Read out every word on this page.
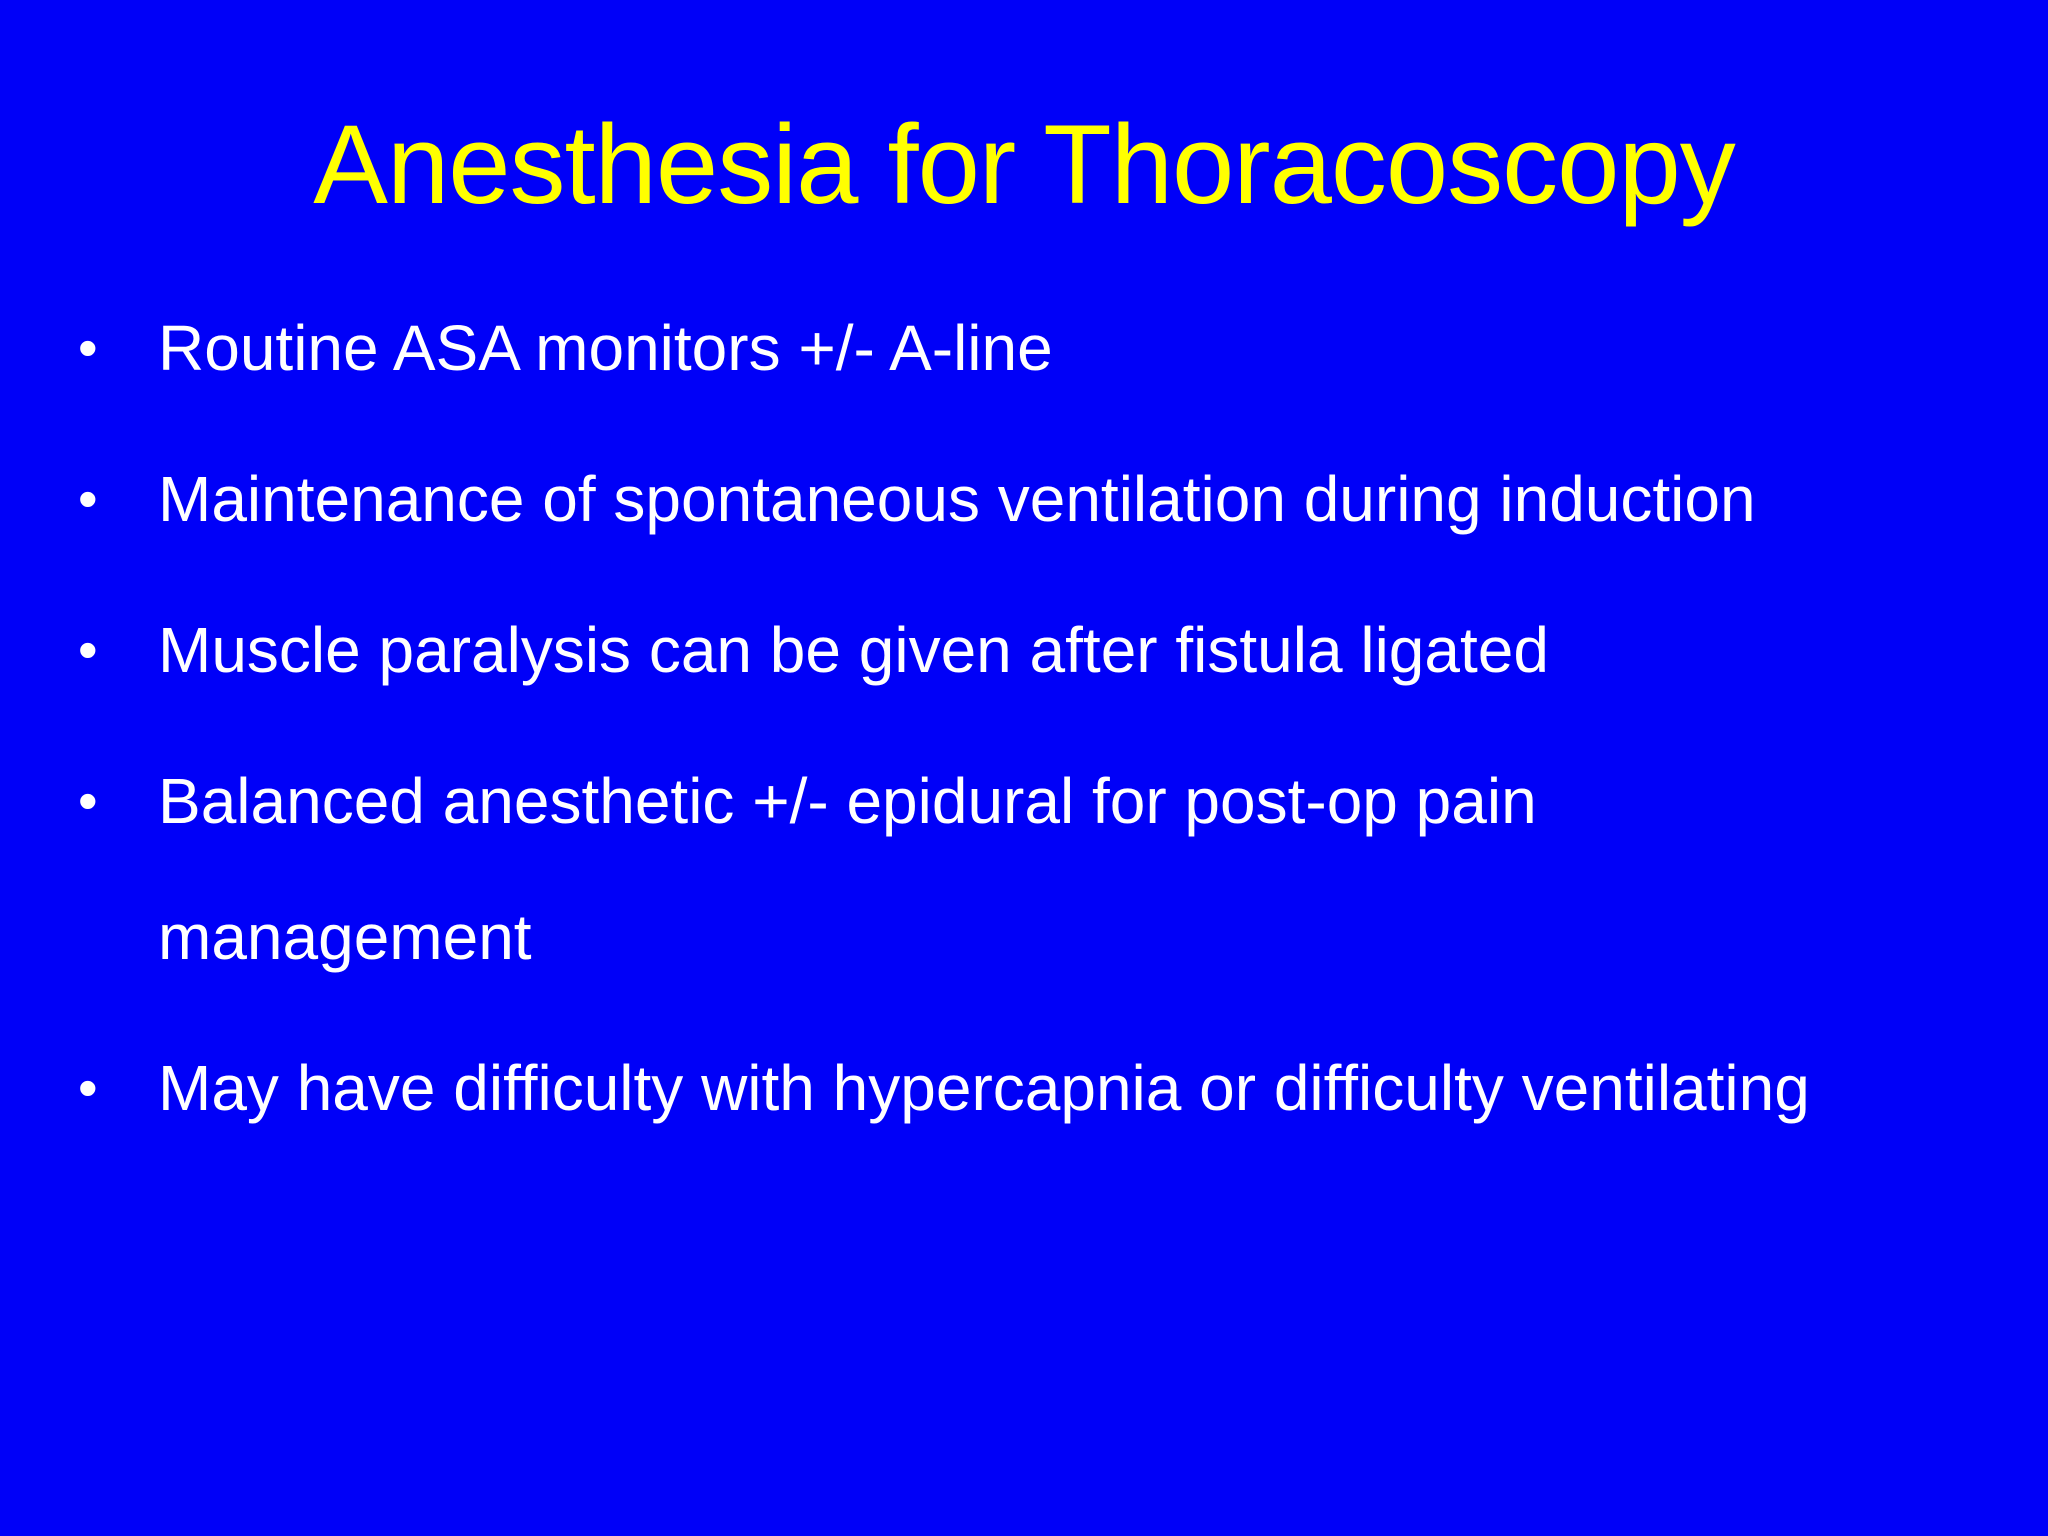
Anesthesia for Thoracoscopy
• Routine ASA monitors +/- A-line
• Maintenance of spontaneous ventilation during induction
• Muscle paralysis can be given after fistula ligated
• Balanced anesthetic +/- epidural for post-op pain management
• May have difficulty with hypercapnia or difficulty ventilating
